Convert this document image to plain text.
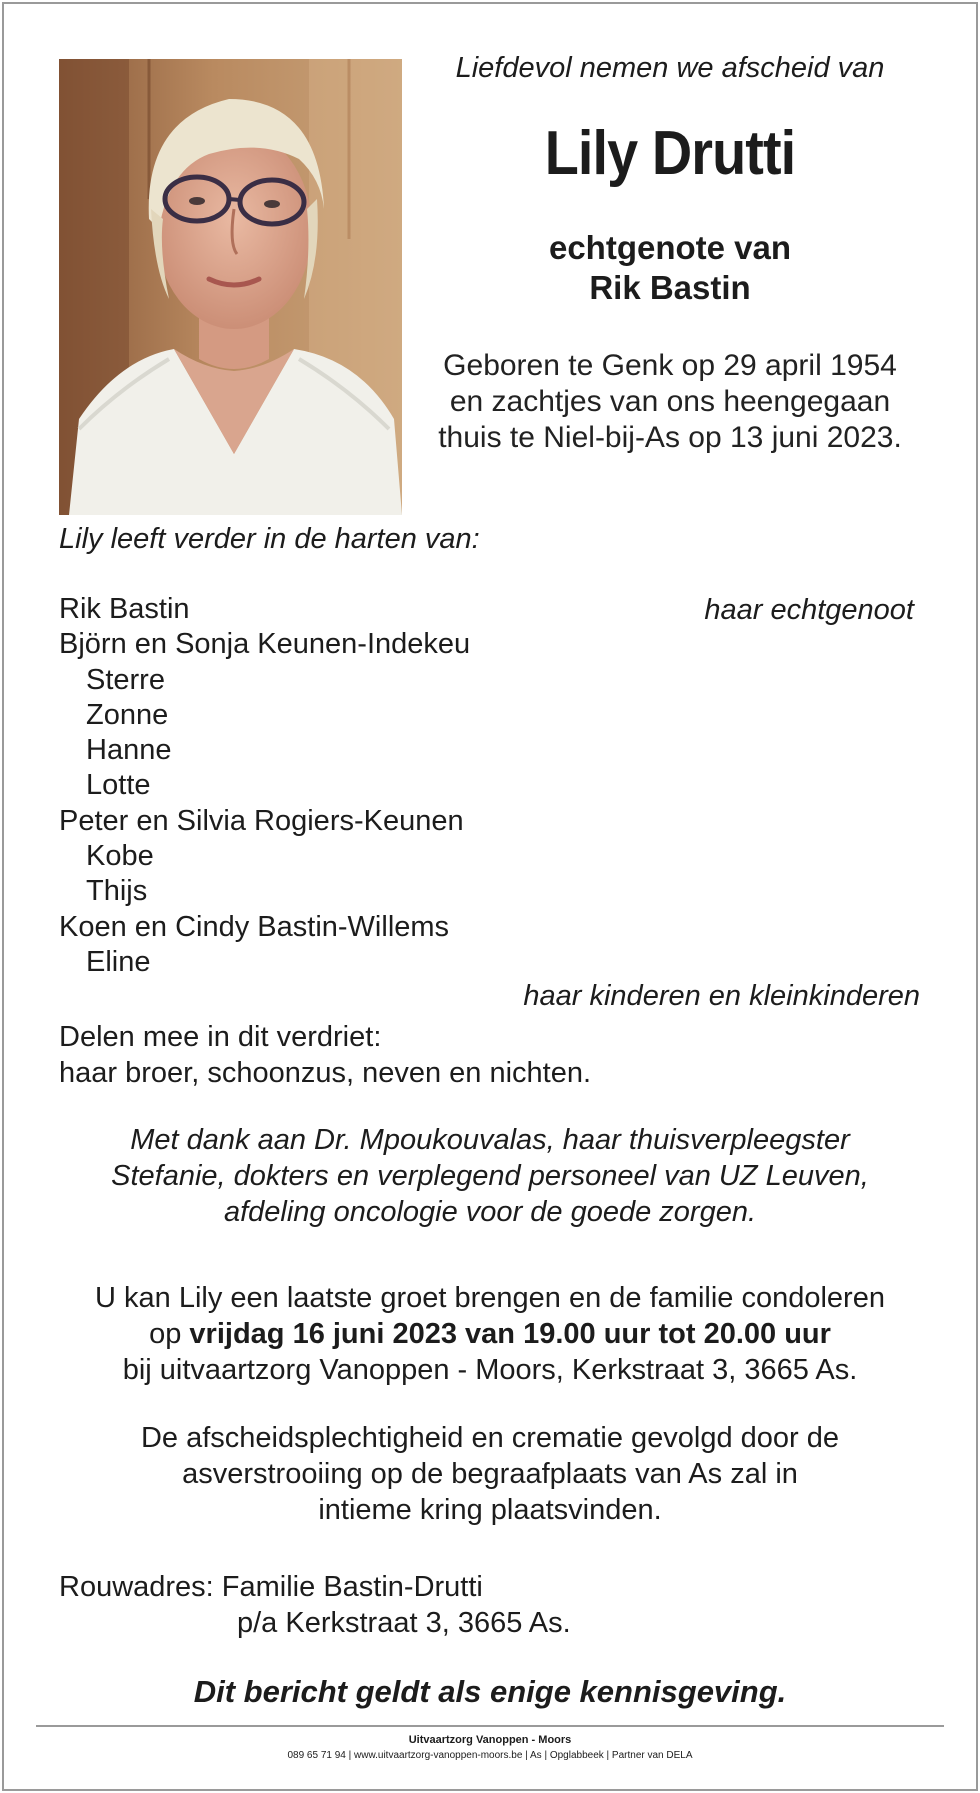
Liefdevol nemen we afscheid van
Lily Drutti
echtgenote van
Rik Bastin
Geboren te Genk op 29 april 1954
en zachtjes van ons heengegaan
thuis te Niel-bij-As op 13 juni 2023.
Lily leeft verder in de harten van:
Rik Bastin
Björn en Sonja Keunen-Indekeu
Sterre
Zonne
Hanne
Lotte
Peter en Silvia Rogiers-Keunen
Kobe
Thijs
Koen en Cindy Bastin-Willems
Eline
haar echtgenoot
haar kinderen en kleinkinderen
Delen mee in dit verdriet:
haar broer, schoonzus, neven en nichten.
Met dank aan Dr. Mpoukouvalas, haar thuisverpleegster
Stefanie, dokters en verplegend personeel van UZ Leuven,
afdeling oncologie voor de goede zorgen.
U kan Lily een laatste groet brengen en de familie condoleren
op vrijdag 16 juni 2023 van 19.00 uur tot 20.00 uur
bij uitvaartzorg Vanoppen - Moors, Kerkstraat 3, 3665 As.
De afscheidsplechtigheid en crematie gevolgd door de
asverstrooiing op de begraafplaats van As zal in
intieme kring plaatsvinden.
Rouwadres: Familie Bastin-Drutti
p/a Kerkstraat 3, 3665 As.
Dit bericht geldt als enige kennisgeving.
Uitvaartzorg Vanoppen - Moors
089 65 71 94 | www.uitvaartzorg-vanoppen-moors.be | As | Opglabbeek | Partner van DELA
